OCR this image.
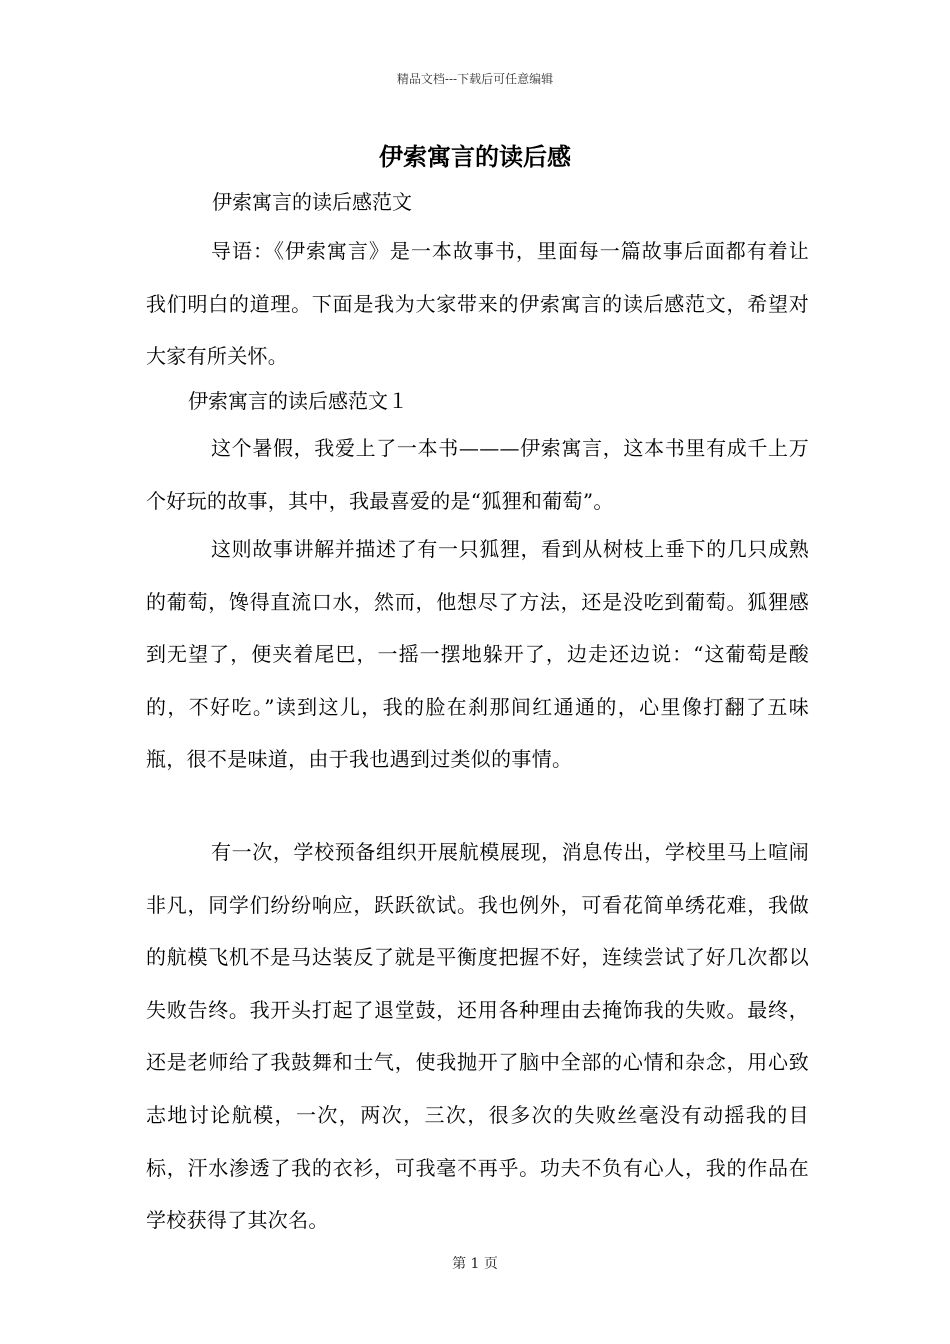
精品文档---下载后可任意编辑
伊索寓言的读后感
伊索寓言的读后感范文

导语：《伊索寓言》是一本故事书，里面每一篇故事后面都有着让我们明白的道理。下面是我为大家带来的伊索寓言的读后感范文，希望对大家有所关怀。

伊索寓言的读后感范文１

这个暑假，我爱上了一本书———伊索寓言，这本书里有成千上万个好玩的故事，其中，我最喜爱的是“狐狸和葡萄”。

这则故事讲解并描述了有一只狐狸，看到从树枝上垂下的几只成熟的葡萄，馋得直流口水，然而，他想尽了方法，还是没吃到葡萄。狐狸感到无望了，便夹着尾巴，一摇一摆地躲开了，边走还边说：“这葡萄是酸的，不好吃。”读到这儿，我的脸在刹那间红通通的，心里像打翻了五味瓶，很不是味道，由于我也遇到过类似的事情。

有一次，学校预备组织开展航模展现，消息传出，学校里马上喧闹非凡，同学们纷纷响应，跃跃欲试。我也例外，可看花简单绣花难，我做的航模飞机不是马达装反了就是平衡度把握不好，连续尝试了好几次都以失败告终。我开头打起了退堂鼓，还用各种理由去掩饰我的失败。最终，还是老师给了我鼓舞和士气，使我抛开了脑中全部的心情和杂念，用心致志地讨论航模，一次，两次，三次，很多次的失败丝毫没有动摇我的目标，汗水渗透了我的衣衫，可我毫不再乎。功夫不负有心人，我的作品在学校获得了其次名。

第 1 页
